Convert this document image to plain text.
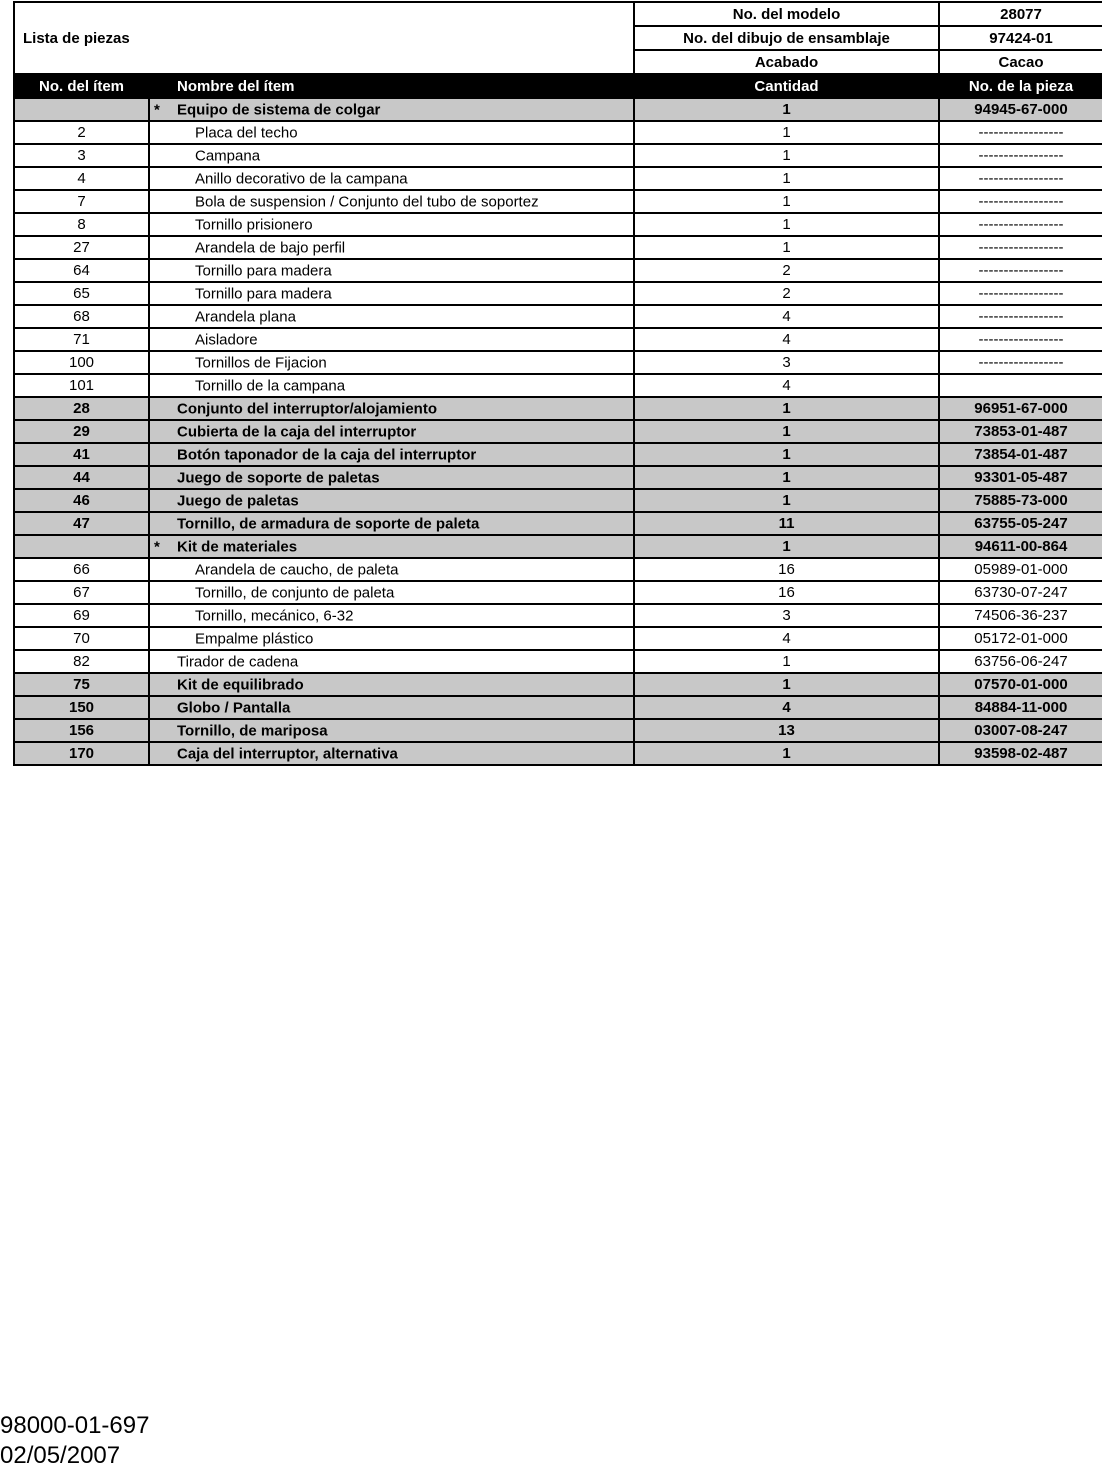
Lista de piezas		No. del modelo	28077
		No. del dibujo de ensamblaje	97424-01
		Acabado	Cacao
No. del ítem	Nombre del ítem	Cantidad	No. de la pieza

	* Equipo de sistema de colgar	1	94945-67-000
2	Placa del techo	1	-----------------
3	Campana	1	-----------------
4	Anillo decorativo de la campana	1	-----------------
7	Bola de suspension / Conjunto del tubo de soportez	1	-----------------
8	Tornillo prisionero	1	-----------------
27	Arandela de bajo perfil	1	-----------------
64	Tornillo para madera	2	-----------------
65	Tornillo para madera	2	-----------------
68	Arandela plana	4	-----------------
71	Aisladore	4	-----------------
100	Tornillos de Fijacion	3	-----------------
101	Tornillo de la campana	4	
28	Conjunto del interruptor/alojamiento	1	96951-67-000
29	Cubierta de la caja del interruptor	1	73853-01-487
41	Botón taponador de la caja del interruptor	1	73854-01-487
44	Juego de soporte de paletas	1	93301-05-487
46	Juego de paletas	1	75885-73-000
47	Tornillo, de armadura de soporte de paleta	11	63755-05-247

	* Kit de materiales	1	94611-00-864
66	Arandela de caucho, de paleta	16	05989-01-000
67	Tornillo, de conjunto de paleta	16	63730-07-247
69	Tornillo, mecánico, 6-32	3	74506-36-237
70	Empalme plástico	4	05172-01-000
82	Tirador de cadena	1	63756-06-247
75	Kit de equilibrado	1	07570-01-000
150	Globo / Pantalla	4	84884-11-000
156	Tornillo, de mariposa	13	03007-08-247
170	Caja del interruptor, alternativa	1	93598-02-487
98000-01-697
02/05/2007
